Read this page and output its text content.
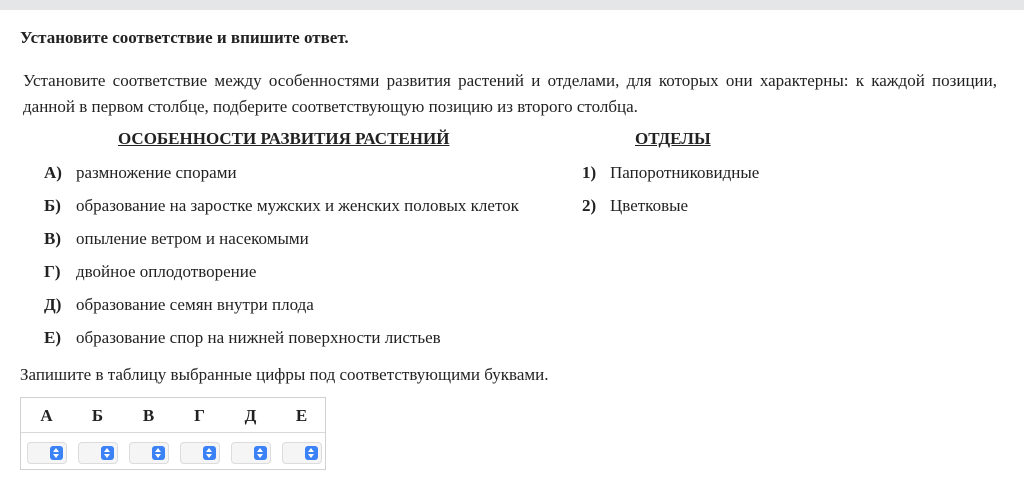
Установите соответствие и впишите ответ.
Установите соответствие между особенностями развития растений и отделами, для которых они характерны: к каждой позиции, данной в первом столбце, подберите соответствующую позицию из второго столбца.
ОСОБЕННОСТИ РАЗВИТИЯ РАСТЕНИЙ	ОТДЕЛЫ
А) размножение спорами
Б) образование на заростке мужских и женских половых клеток
В) опыление ветром и насекомыми
Г) двойное оплодотворение
Д) образование семян внутри плода
Е) образование спор на нижней поверхности листьев
1) Папоротниковидные
2) Цветковые
Запишите в таблицу выбранные цифры под соответствующими буквами.
А	Б	В	Г	Д	Е
